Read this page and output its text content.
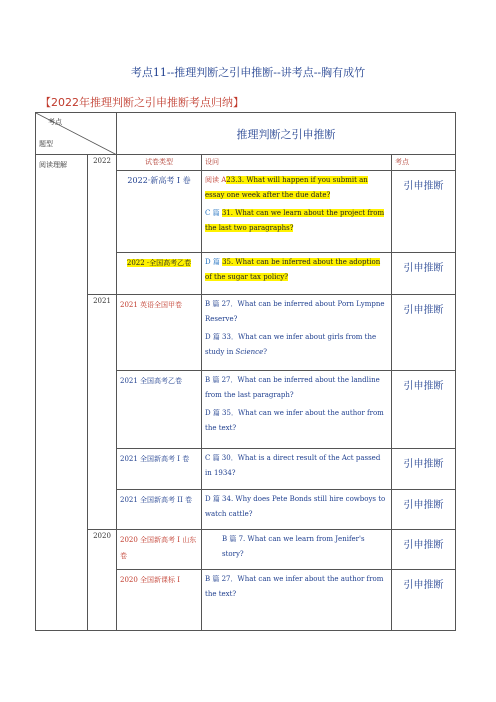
考点11--推理判断之引申推断--讲考点--胸有成竹
【2022年推理判断之引申推断考点归纳】
考点
题型		推理判断之引申推断		
阅读理解	2022	试卷类型	设问	考点
		2022·新高考 I 卷	阅读 A23.3. What will happen if you submit an essay one week after the due date?

C 篇 31. What can we learn about the project from the last two paragraphs?	引申推断
		2022 ·全国高考乙卷	D 篇 35. What can be inferred about the adoption of the sugar tax policy?	引申推断
	2021	2021 英语全国甲卷	B 篇 27．What can be inferred about Porn Lympne Reserve?

D 篇 33．What can we infer about girls from the study in Science?	引申推断
		2021 全国高考乙卷	B 篇 27．What can be inferred about the landline from the last paragraph?

D 篇 35．What can we infer about the author from the text?	引申推断
		2021 全国新高考 I 卷	C 篇 30．What is a direct result of the Act passed in 1934?	引申推断
		2021 全国新高考 II 卷	D 篇 34. Why does Pete Bonds still hire cowboys to watch cattle?	引申推断
	2020	2020 全国新高考 I 山东卷	B 篇 7. What can we learn from Jenifer's story?	引申推断
		2020 全国新课标 I	B 篇 27．What can we infer about the author from the text?	引申推断
